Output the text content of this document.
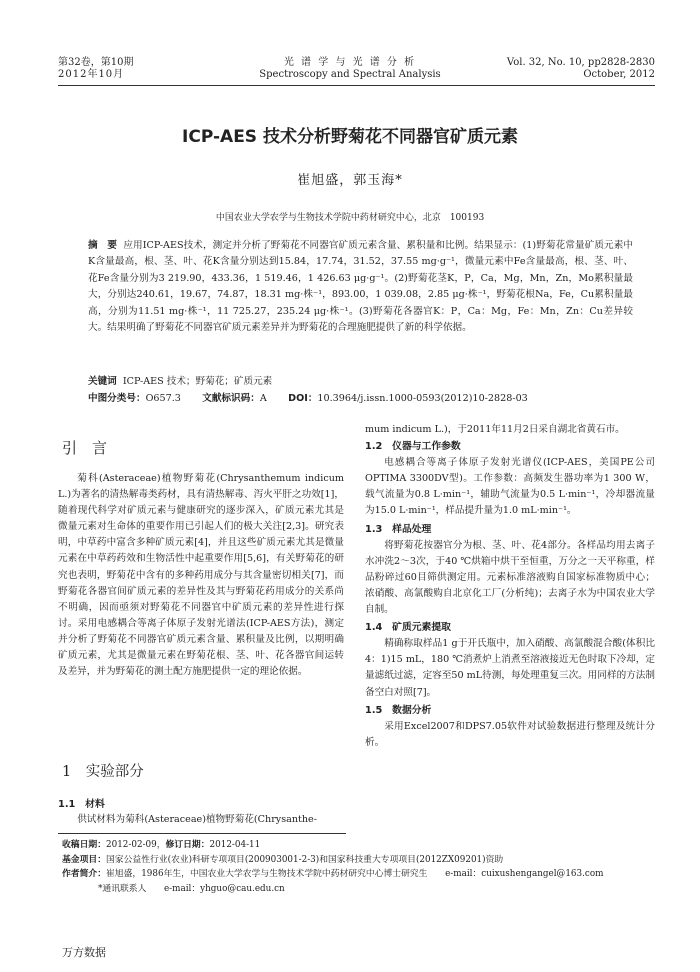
第32卷，第10期
2012年10月
光 谱 学 与 光 谱 分 析
Spectroscopy and Spectral Analysis
Vol. 32, No. 10, pp2828-2830
October, 2012
ICP-AES 技术分析野菊花不同器官矿质元素
崔旭盛，郭玉海*
中国农业大学农学与生物技术学院中药材研究中心，北京　100193
摘　要 应用ICP-AES技术，测定并分析了野菊花不同器官矿质元素含量、累积量和比例。结果显示：(1)野菊花常量矿质元素中K含量最高，根、茎、叶、花K含量分别达到15.84，17.74，31.52，37.55 mg·g⁻¹，微量元素中Fe含量最高，根、茎、叶、花Fe含量分别为3 219.90，433.36，1 519.46，1 426.63 μg·g⁻¹。(2)野菊花茎K，P，Ca，Mg，Mn，Zn，Mo累积量最大，分别达240.61，19.67，74.87，18.31 mg·株⁻¹，893.00，1 039.08，2.85 μg·株⁻¹，野菊花根Na，Fe，Cu累积量最高，分别为11.51 mg·株⁻¹，11 725.27，235.24 μg·株⁻¹。(3)野菊花各器官K：P，Ca：Mg，Fe：Mn，Zn：Cu差异较大。结果明确了野菊花不同器官矿质元素差异并为野菊花的合理施肥提供了新的科学依据。
关键词 ICP-AES 技术；野菊花；矿质元素
中图分类号：O657.3 文献标识码：A DOI：10.3964/j.issn.1000-0593(2012)10-2828-03
引　言

菊科(Asteraceae)植物野菊花(Chrysanthemum indicum L.)为著名的清热解毒类药材，具有清热解毒、泻火平肝之功效[1]，随着现代科学对矿质元素与健康研究的逐步深入，矿质元素尤其是微量元素对生命体的重要作用已引起人们的极大关注[2,3]。研究表明，中草药中富含多种矿质元素[4]，并且这些矿质元素尤其是微量元素在中草药药效和生物活性中起重要作用[5,6]，有关野菊花的研究也表明，野菊花中含有的多种药用成分与其含量密切相关[7]，而野菊花各器官间矿质元素的差异性及其与野菊花药用成分的关系尚不明确，因而亟须对野菊花不同器官中矿质元素的差异性进行探讨。采用电感耦合等离子体原子发射光谱法(ICP-AES方法)，测定并分析了野菊花不同器官矿质元素含量、累积量及比例，以期明确矿质元素，尤其是微量元素在野菊花根、茎、叶、花各器官间运转及差异，并为野菊花的测土配方施肥提供一定的理论依据。

1　实验部分
1.1　材料

供试材料为菊科(Asteraceae)植物野菊花(Chrysanthe-

mum indicum L.)，于2011年11月2日采自湖北省黄石市。
1.2　仪器与工作参数

电感耦合等离子体原子发射光谱仪(ICP-AES，美国PE公司OPTIMA 3300DV型)。工作参数：高频发生器功率为1 300 W，载气流量为0.8 L·min⁻¹，辅助气流量为0.5 L·min⁻¹，冷却器流量为15.0 L·min⁻¹，样品提升量为1.0 mL·min⁻¹。

1.3　样品处理

将野菊花按器官分为根、茎、叶、花4部分。各样品均用去离子水冲洗2～3次，于40 ℃烘箱中烘干至恒重，万分之一天平称重，样品粉碎过60目筛供测定用。元素标准溶液购自国家标准物质中心；浓硝酸、高氯酸购自北京化工厂(分析纯)；去离子水为中国农业大学自制。

1.4　矿质元素提取

精确称取样品1 g于开氏瓶中，加入硝酸、高氯酸混合酸(体积比4：1)15 mL，180 ℃消煮炉上消煮至溶液接近无色时取下冷却，定量滤纸过滤，定容至50 mL待测，每处理重复三次。用同样的方法制备空白对照[7]。

1.5　数据分析

采用Excel2007和DPS7.05软件对试验数据进行整理及统计分析。

收稿日期：2012-02-09，修订日期：2012-04-11
基金项目：国家公益性行业(农业)科研专项项目(200903001-2-3)和国家科技重大专项项目(2012ZX09201)资助
作者简介：崔旭盛，1986年生，中国农业大学农学与生物技术学院中药材研究中心博士研究生　　e-mail：cuixushengangel@163.com
*通讯联系人　　e-mail：yhguo@cau.edu.cn
万方数据
